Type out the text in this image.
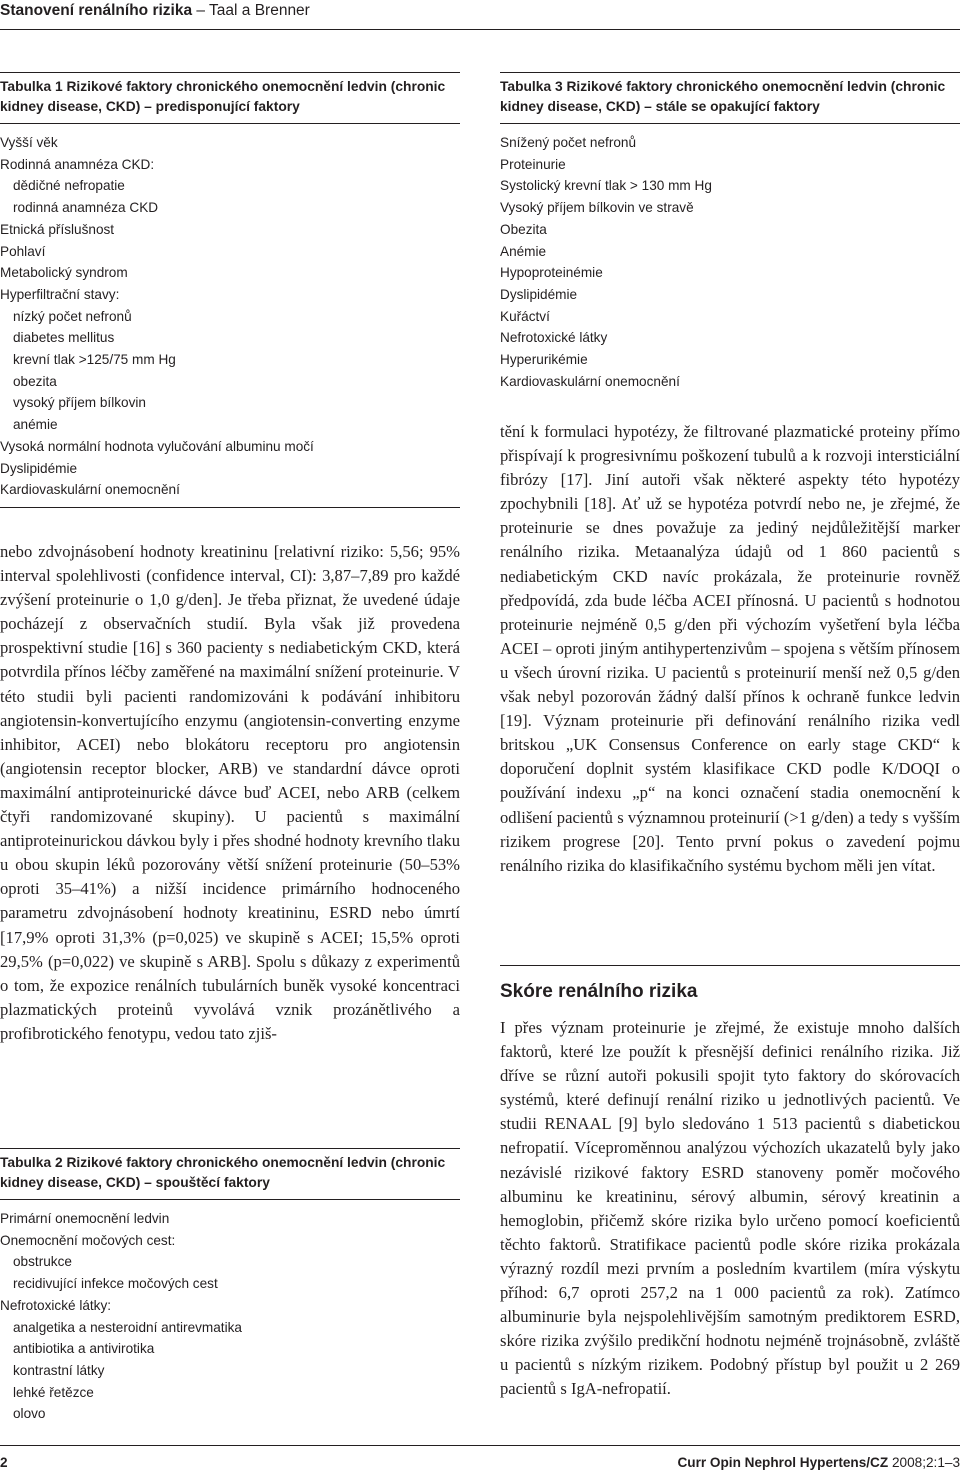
Stanovení renálního rizika – Taal a Brenner
Tabulka 1 Rizikové faktory chronického onemocnění ledvin (chronic kidney disease, CKD) – predisponující faktory
Vyšší věk
Rodinná anamnéza CKD:
dědičné nefropatie
rodinná anamnéza CKD
Etnická příslušnost
Pohlaví
Metabolický syndrom
Hyperfiltrační stavy:
nízký počet nefronů
diabetes mellitus
krevní tlak >125/75 mm Hg
obezita
vysoký příjem bílkovin
anémie
Vysoká normální hodnota vylučování albuminu močí
Dyslipidémie
Kardiovaskulární onemocnění

nebo zdvojnásobení hodnoty kreatininu [relativní riziko: 5,56; 95% interval spolehlivosti (confidence interval, CI): 3,87–7,89 pro každé zvýšení proteinurie o 1,0 g/den]. Je třeba přiznat, že uvedené údaje pocházejí z observačních studií. Byla však již provedena prospektivní studie [16] s 360 pacienty s nediabetickým CKD, která potvrdila přínos léčby zaměřené na maximální snížení proteinurie. V této studii byli pacienti randomizováni k podávání inhibitoru angiotensin-konvertujícího enzymu (angiotensin-converting enzyme inhibitor, ACEI) nebo blokátoru receptoru pro angiotensin (angiotensin receptor blocker, ARB) ve standardní dávce oproti maximální antiproteinurické dávce buď ACEI, nebo ARB (celkem čtyři randomizované skupiny). U pacientů s maximální antiproteinurickou dávkou byly i přes shodné hodnoty krevního tlaku u obou skupin léků pozorovány větší snížení proteinurie (50–53% oproti 35–41%) a nižší incidence primárního hodnoceného parametru zdvojnásobení hodnoty kreatininu, ESRD nebo úmrtí [17,9% oproti 31,3% (p=0,025) ve skupině s ACEI; 15,5% oproti 29,5% (p=0,022) ve skupině s ARB]. Spolu s důkazy z experimentů o tom, že expozice renálních tubulárních buněk vysoké koncentraci plazmatických proteinů vyvolává vznik prozánětlivého a profibrotického fenotypu, vedou tato zjiš-

Tabulka 2 Rizikové faktory chronického onemocnění ledvin (chronic kidney disease, CKD) – spouštěcí faktory
Primární onemocnění ledvin
Onemocnění močových cest:
obstrukce
recidivující infekce močových cest
Nefrotoxické látky:
analgetika a nesteroidní antirevmatika
antibiotika a antivirotika
kontrastní látky
lehké řetězce
olovo
Tabulka 3 Rizikové faktory chronického onemocnění ledvin (chronic kidney disease, CKD) – stále se opakující faktory
Snížený počet nefronů
Proteinurie
Systolický krevní tlak > 130 mm Hg
Vysoký příjem bílkovin ve stravě
Obezita
Anémie
Hypoproteinémie
Dyslipidémie
Kuřáctví
Nefrotoxické látky
Hyperurikémie
Kardiovaskulární onemocnění

tění k formulaci hypotézy, že filtrované plazmatické proteiny přímo přispívají k progresivnímu poškození tubulů a k rozvoji intersticiální fibrózy [17]. Jiní autoři však některé aspekty této hypotézy zpochybnili [18]. Ať už se hypotéza potvrdí nebo ne, je zřejmé, že proteinurie se dnes považuje za jediný nejdůležitější marker renálního rizika. Metaanalýza údajů od 1 860 pacientů s nediabetickým CKD navíc prokázala, že proteinurie rovněž předpovídá, zda bude léčba ACEI přínosná. U pacientů s hodnotou proteinurie nejméně 0,5 g/den při výchozím vyšetření byla léčba ACEI – oproti jiným antihypertenzivům – spojena s větším přínosem u všech úrovní rizika. U pacientů s proteinurií menší než 0,5 g/den však nebyl pozorován žádný další přínos k ochraně funkce ledvin [19]. Význam proteinurie při definování renálního rizika vedl britskou „UK Consensus Conference on early stage CKD“ k doporučení doplnit systém klasifikace CKD podle K/DOQI o používání indexu „p“ na konci označení stadia onemocnění k odlišení pacientů s významnou proteinurií (>1 g/den) a tedy s vyšším rizikem progrese [20]. Tento první pokus o zavedení pojmu renálního rizika do klasifikačního systému bychom měli jen vítat.

Skóre renálního rizika

I přes význam proteinurie je zřejmé, že existuje mnoho dalších faktorů, které lze použít k přesnější definici renálního rizika. Již dříve se různí autoři pokusili spojit tyto faktory do skórovacích systémů, které definují renální riziko u jednotlivých pacientů. Ve studii RENAAL [9] bylo sledováno 1 513 pacientů s diabetickou nefropatií. Víceproměnnou analýzou výchozích ukazatelů byly jako nezávislé rizikové faktory ESRD stanoveny poměr močového albuminu ke kreatininu, sérový albumin, sérový kreatinin a hemoglobin, přičemž skóre rizika bylo určeno pomocí koeficientů těchto faktorů. Stratifikace pacientů podle skóre rizika prokázala výrazný rozdíl mezi prvním a posledním kvartilem (míra výskytu příhod: 6,7 oproti 257,2 na 1 000 pacientů za rok). Zatímco albuminurie byla nejspolehlivějším samotným prediktorem ESRD, skóre rizika zvýšilo predikční hodnotu nejméně trojnásobně, zvláště u pacientů s nízkým rizikem. Podobný přístup byl použit u 2 269 pacientů s IgA-nefropatií.

2	Curr Opin Nephrol Hypertens/CZ 2008;2:1–3
